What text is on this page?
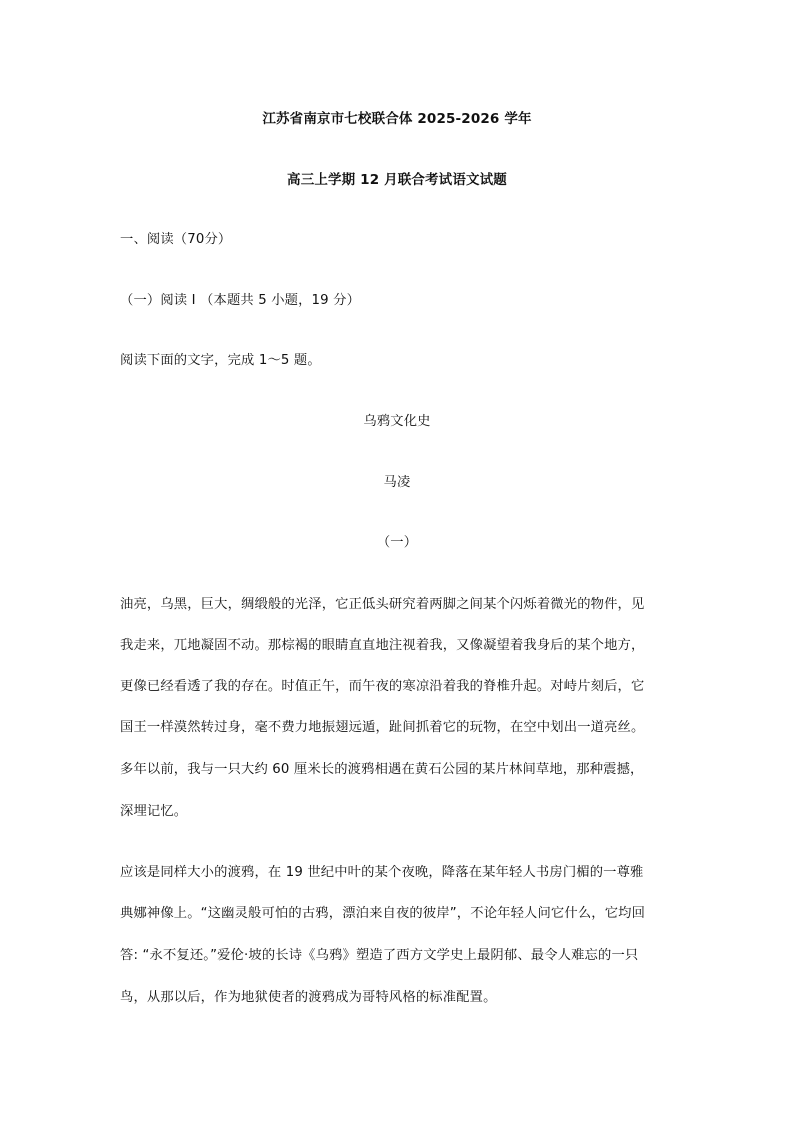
江苏省南京市七校联合体 2025-2026 学年
高三上学期 12 月联合考试语文试题
一、阅读（70分）
（一）阅读 I （本题共 5 小题，19 分）
阅读下面的文字，完成 1～5 题。
乌鸦文化史
马凌
（一）
油亮，乌黑，巨大，绸缎般的光泽，它正低头研究着两脚之间某个闪烁着微光的物件，见
我走来，兀地凝固不动。那棕褐的眼睛直直地注视着我，又像凝望着我身后的某个地方，
更像已经看透了我的存在。时值正午，而午夜的寒凉沿着我的脊椎升起。对峙片刻后，它
国王一样漠然转过身，毫不费力地振翅远遁，趾间抓着它的玩物，在空中划出一道亮丝。
多年以前，我与一只大约 60 厘米长的渡鸦相遇在黄石公园的某片林间草地，那种震撼，
深埋记忆。
应该是同样大小的渡鸦，在 19 世纪中叶的某个夜晚，降落在某年轻人书房门楣的一尊雅
典娜神像上。“这幽灵般可怕的古鸦，漂泊来自夜的彼岸”，不论年轻人问它什么，它均回
答: “永不复还。”爱伦·坡的长诗《乌鸦》塑造了西方文学史上最阴郁、最令人难忘的一只
鸟，从那以后，作为地狱使者的渡鸦成为哥特风格的标准配置。
